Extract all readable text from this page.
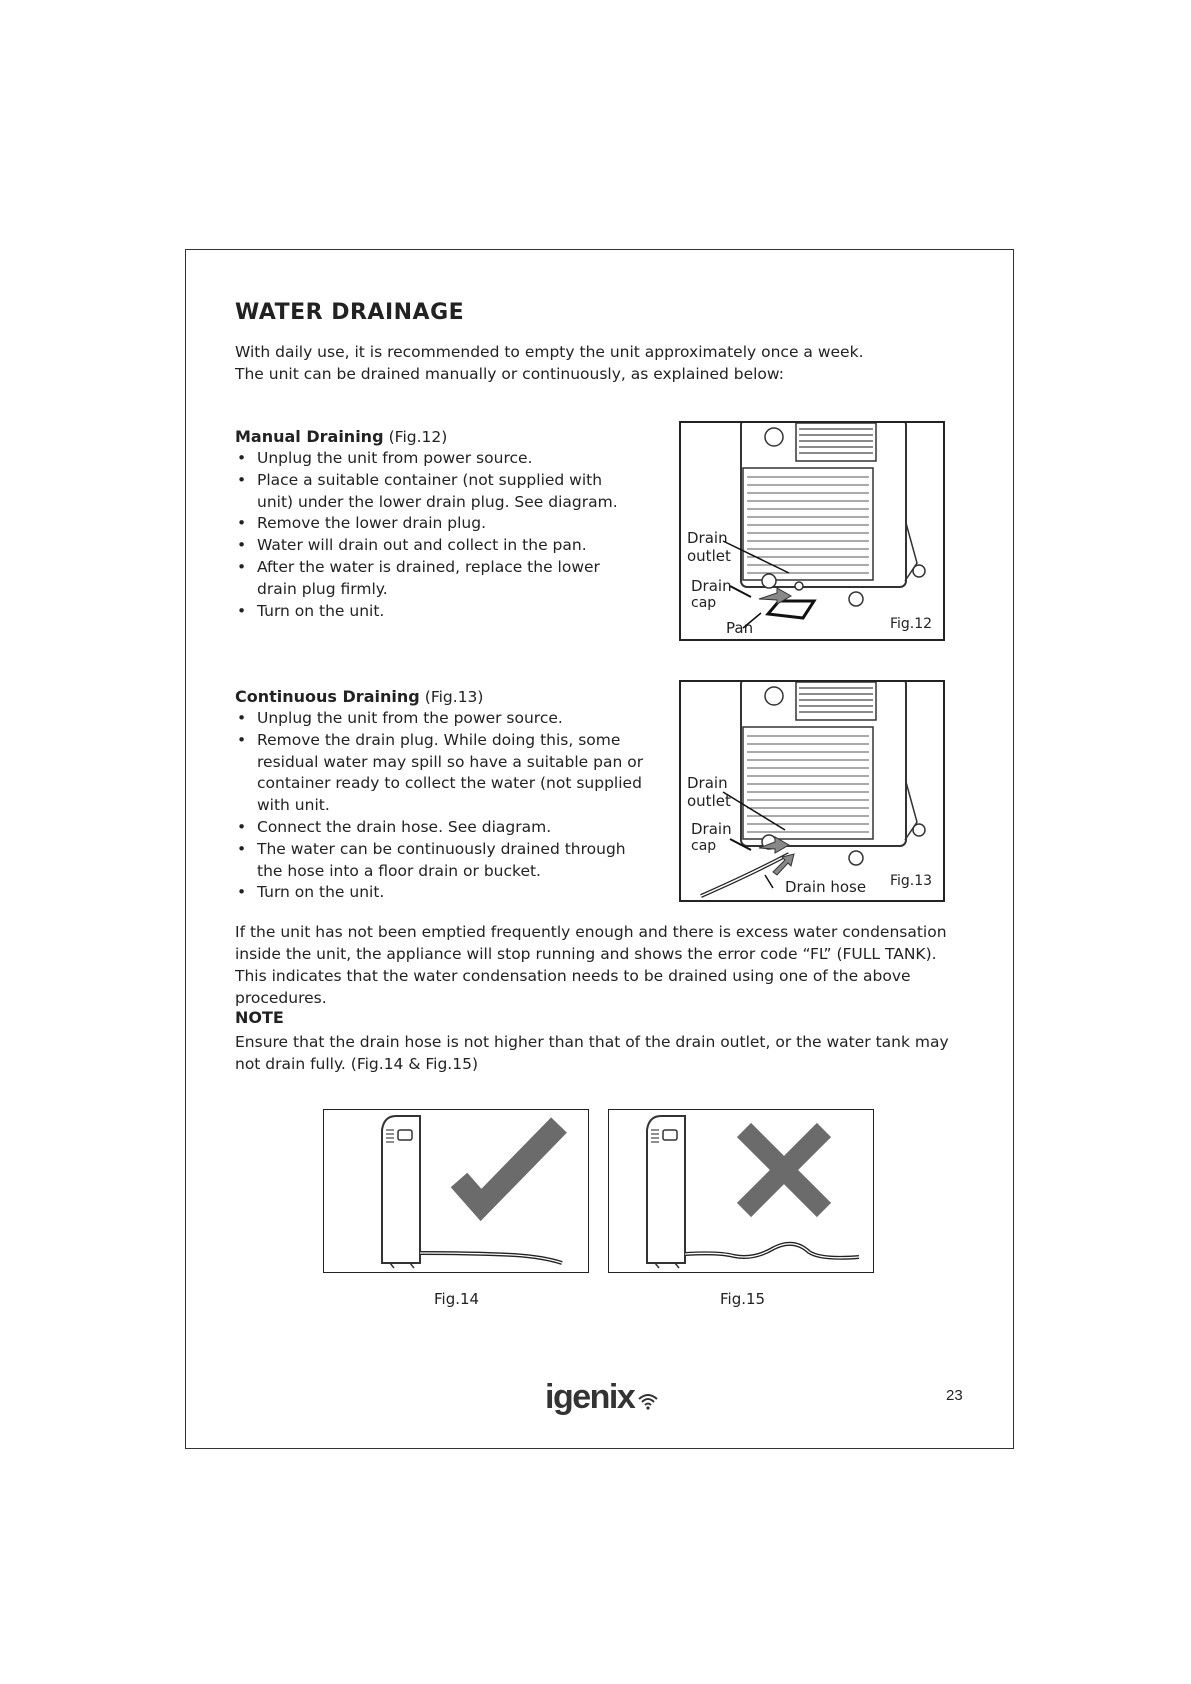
WATER DRAINAGE
With daily use, it is recommended to empty the unit approximately once a week.
The unit can be drained manually or continuously, as explained below:
Manual Draining (Fig.12)
• Unplug the unit from power source.
• Place a suitable container (not supplied with unit) under the lower drain plug. See diagram.
• Remove the lower drain plug.
• Water will drain out and collect in the pan.
• After the water is drained, replace the lower drain plug firmly.
• Turn on the unit.
Drain
outlet
Drain
cap
Pan	Fig.12
Continuous Draining (Fig.13)
• Unplug the unit from the power source.
• Remove the drain plug. While doing this, some residual water may spill so have a suitable pan or container ready to collect the water (not supplied with unit.
• Connect the drain hose. See diagram.
• The water can be continuously drained through the hose into a floor drain or bucket.
• Turn on the unit.
Drain
outlet
Drain
cap
Drain hose Fig.13
If the unit has not been emptied frequently enough and there is excess water condensation inside the unit, the appliance will stop running and shows the error code “FL” (FULL TANK).
This indicates that the water condensation needs to be drained using one of the above procedures.
NOTE
Ensure that the drain hose is not higher than that of the drain outlet, or the water tank may not drain fully. (Fig.14 & Fig.15)
Fig.14	Fig.15
igenix	23
